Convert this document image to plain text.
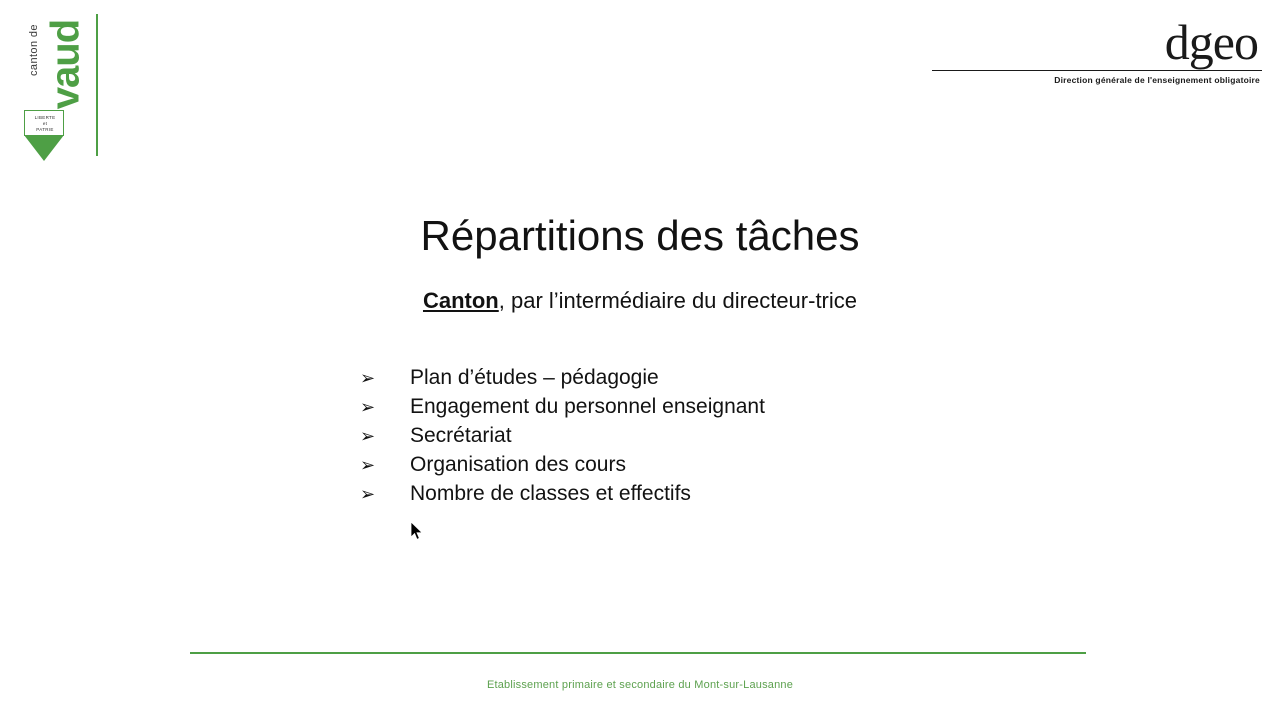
canton de vaud
LIBERTE
et
PATRIE
dgeo
Direction générale de l'enseignement obligatoire
Répartitions des tâches
Canton, par l’intermédiaire du directeur-trice
➢	Plan d’études – pédagogie
➢	Engagement du personnel enseignant
➢	Secrétariat
➢	Organisation des cours
➢	Nombre de classes et effectifs
Etablissement primaire et secondaire du Mont-sur-Lausanne
